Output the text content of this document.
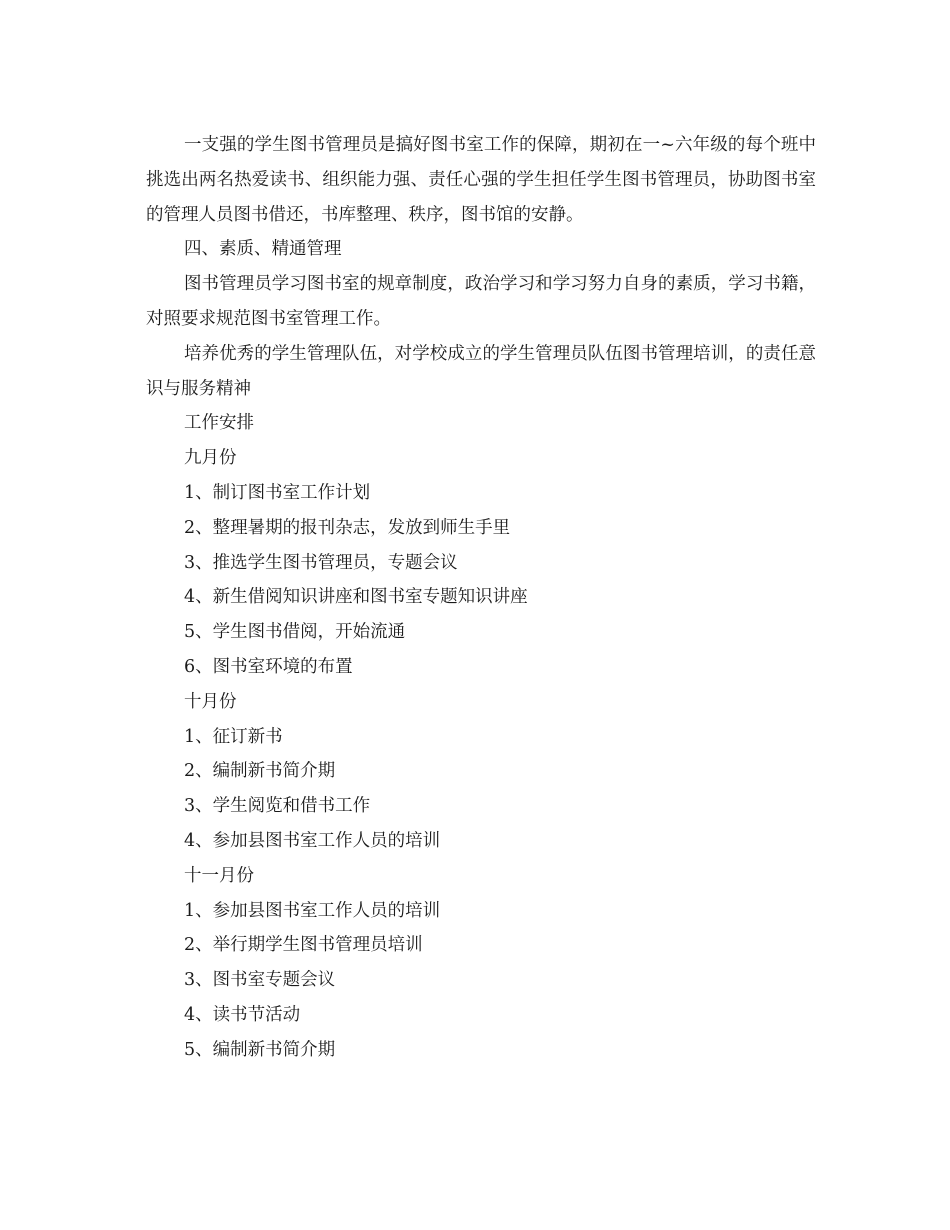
一支强的学生图书管理员是搞好图书室工作的保障，期初在一~六年级的每个班中挑选出两名热爱读书、组织能力强、责任心强的学生担任学生图书管理员，协助图书室的管理人员图书借还，书库整理、秩序，图书馆的安静。

四、素质、精通管理

图书管理员学习图书室的规章制度，政治学习和学习努力自身的素质，学习书籍，对照要求规范图书室管理工作。

培养优秀的学生管理队伍，对学校成立的学生管理员队伍图书管理培训，的责任意识与服务精神

工作安排

九月份

1、制订图书室工作计划

2、整理暑期的报刊杂志，发放到师生手里

3、推选学生图书管理员，专题会议

4、新生借阅知识讲座和图书室专题知识讲座

5、学生图书借阅，开始流通

6、图书室环境的布置

十月份

1、征订新书

2、编制新书简介期

3、学生阅览和借书工作

4、参加县图书室工作人员的培训

十一月份

1、参加县图书室工作人员的培训

2、举行期学生图书管理员培训

3、图书室专题会议

4、读书节活动

5、编制新书简介期
